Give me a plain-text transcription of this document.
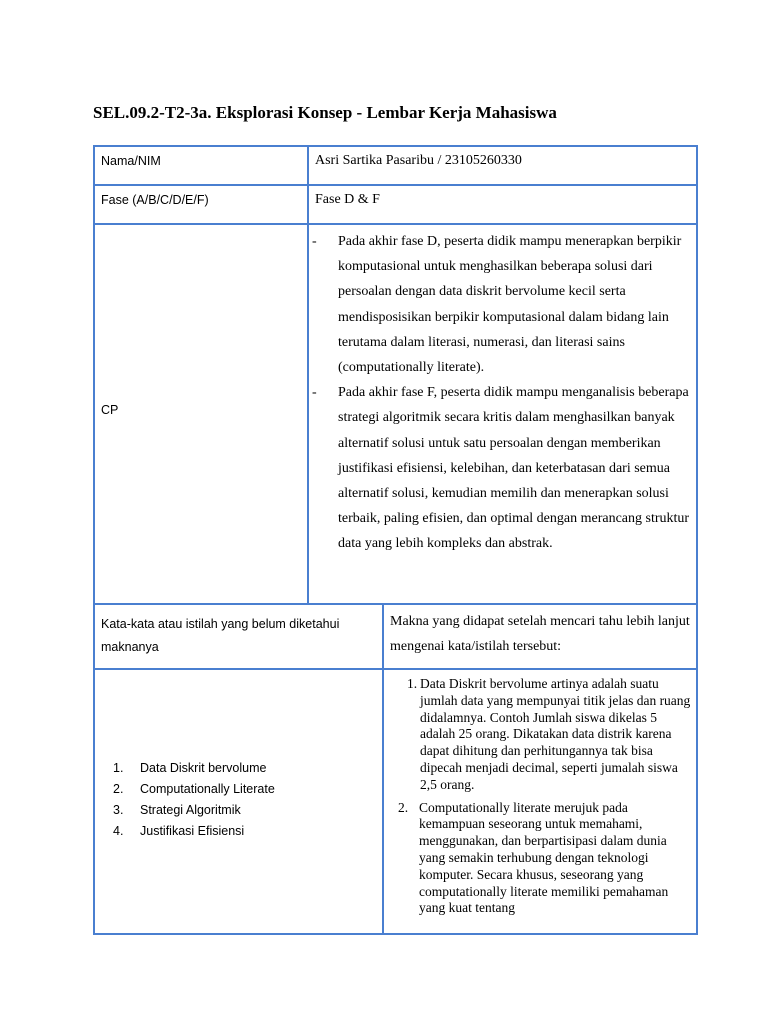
SEL.09.2-T2-3a. Eksplorasi Konsep - Lembar Kerja Mahasiswa
Nama/NIM	Asri Sartika Pasaribu / 23105260330
Fase (A/B/C/D/E/F)	Fase D & F
CP
- Pada akhir fase D, peserta didik mampu menerapkan berpikir komputasional untuk menghasilkan beberapa solusi dari persoalan dengan data diskrit bervolume kecil serta mendisposisikan berpikir komputasional dalam bidang lain terutama dalam literasi, numerasi, dan literasi sains (computationally literate).
- Pada akhir fase F, peserta didik mampu menganalisis beberapa strategi algoritmik secara kritis dalam menghasilkan banyak alternatif solusi untuk satu persoalan dengan memberikan justifikasi efisiensi, kelebihan, dan keterbatasan dari semua alternatif solusi, kemudian memilih dan menerapkan solusi terbaik, paling efisien, dan optimal dengan merancang struktur data yang lebih kompleks dan abstrak.
Kata-kata atau istilah yang belum diketahui maknanya
Makna yang didapat setelah mencari tahu lebih lanjut mengenai kata/istilah tersebut:
1. Data Diskrit bervolume
2. Computationally Literate
3. Strategi Algoritmik
4. Justifikasi Efisiensi
1. Data Diskrit bervolume artinya adalah suatu jumlah data yang mempunyai titik jelas dan ruang didalamnya. Contoh Jumlah siswa dikelas 5 adalah 25 orang. Dikatakan data distrik karena dapat dihitung dan perhitungannya tak bisa dipecah menjadi decimal, seperti jumalah siswa 2,5 orang.
2. Computationally literate merujuk pada kemampuan seseorang untuk memahami, menggunakan, dan berpartisipasi dalam dunia yang semakin terhubung dengan teknologi komputer. Secara khusus, seseorang yang computationally literate memiliki pemahaman yang kuat tentang
